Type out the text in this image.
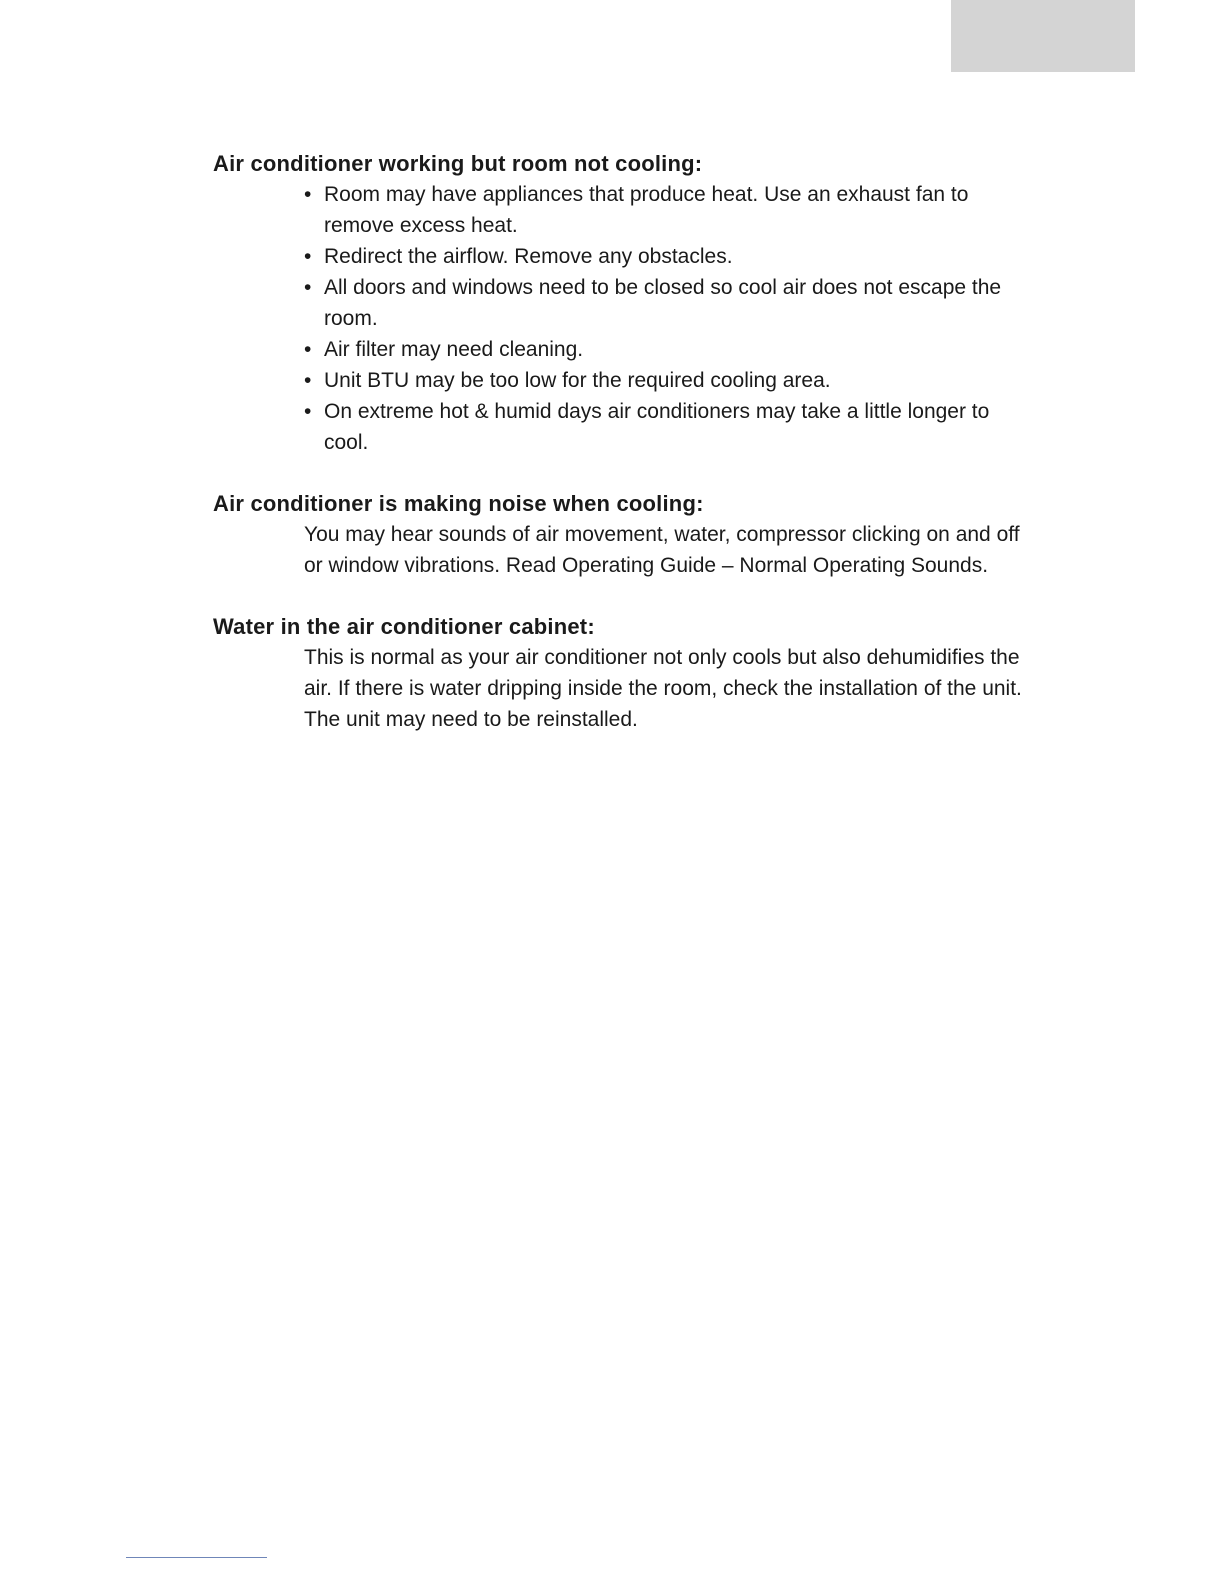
Air conditioner working but room not cooling:
• Room may have appliances that produce heat. Use an exhaust fan to remove excess heat.
• Redirect the airflow. Remove any obstacles.
• All doors and windows need to be closed so cool air does not escape the room.
• Air filter may need cleaning.
• Unit BTU may be too low for the required cooling area.
• On extreme hot & humid days air conditioners may take a little longer to cool.
Air conditioner is making noise when cooling:

You may hear sounds of air movement, water, compressor clicking on and off or window vibrations. Read Operating Guide – Normal Operating Sounds.

Water in the air conditioner cabinet:

This is normal as your air conditioner not only cools but also dehumidifies the air. If there is water dripping inside the room, check the installation of the unit. The unit may need to be reinstalled.
